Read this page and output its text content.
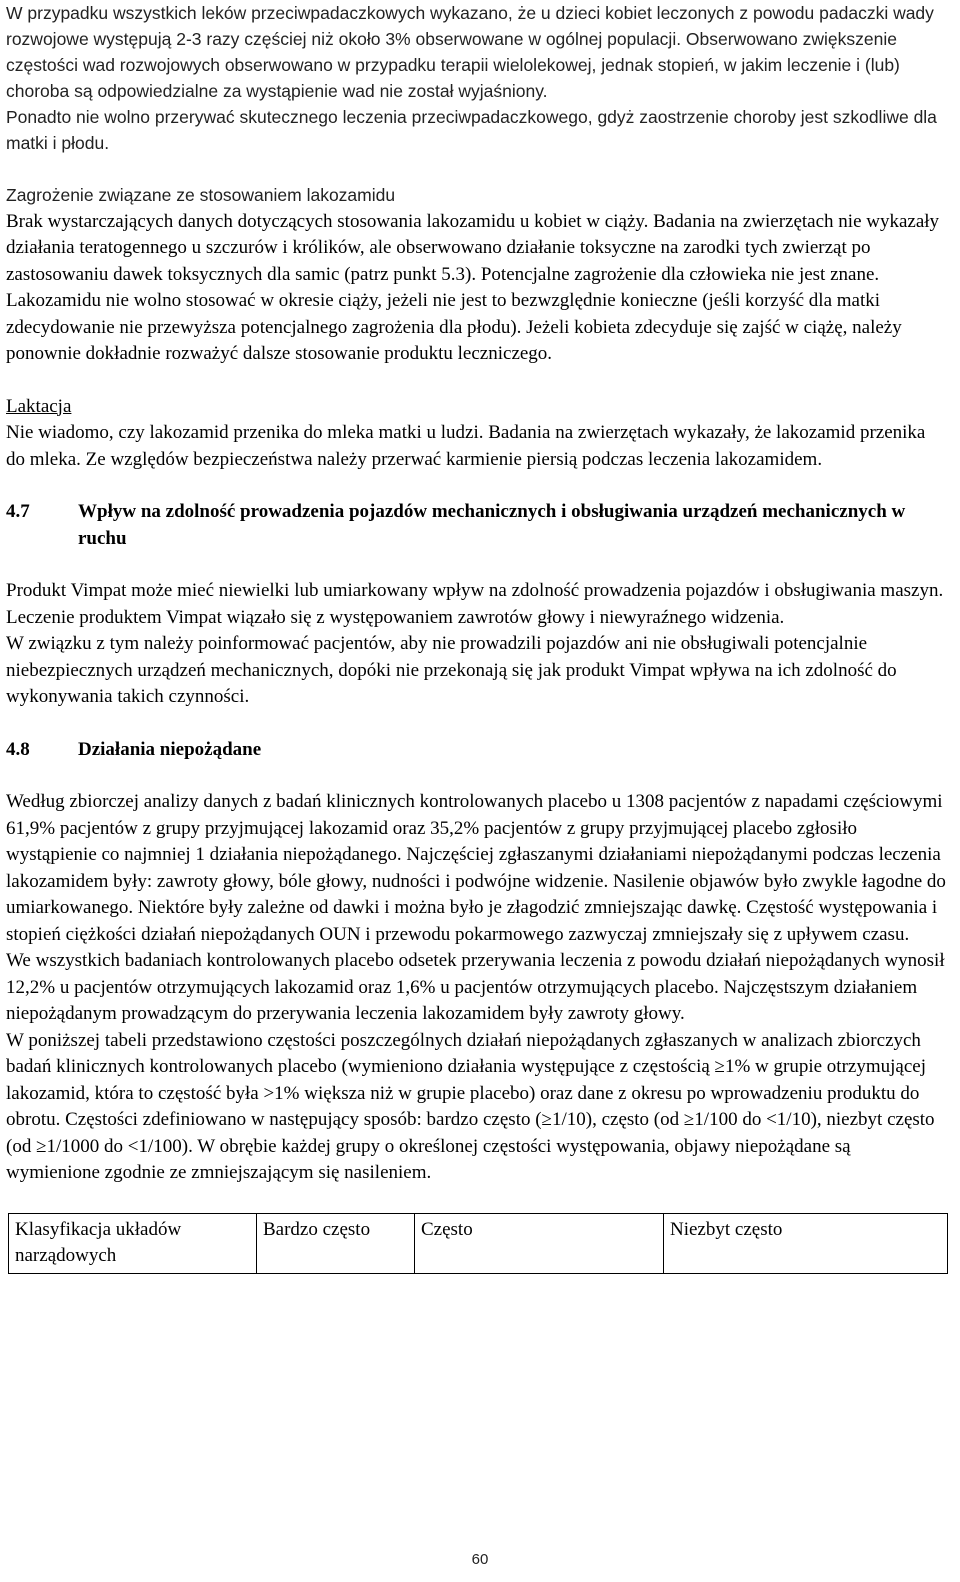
W przypadku wszystkich leków przeciwpadaczkowych wykazano, że u dzieci kobiet leczonych z powodu padaczki wady rozwojowe występują 2-3 razy częściej niż około 3% obserwowane w ogólnej populacji. Obserwowano zwiększenie częstości wad rozwojowych obserwowano w przypadku terapii wielolekowej, jednak stopień, w jakim leczenie i (lub) choroba są odpowiedzialne za wystąpienie wad nie został wyjaśniony.

Ponadto nie wolno przerywać skutecznego leczenia przeciwpadaczkowego, gdyż zaostrzenie choroby jest szkodliwe dla matki i płodu.

Zagrożenie związane ze stosowaniem lakozamidu

Brak wystarczających danych dotyczących stosowania lakozamidu u kobiet w ciąży. Badania na zwierzętach nie wykazały działania teratogennego u szczurów i królików, ale obserwowano działanie toksyczne na zarodki tych zwierząt po zastosowaniu dawek toksycznych dla samic (patrz punkt 5.3). Potencjalne zagrożenie dla człowieka nie jest znane.

Lakozamidu nie wolno stosować w okresie ciąży, jeżeli nie jest to bezwzględnie konieczne (jeśli korzyść dla matki zdecydowanie nie przewyższa potencjalnego zagrożenia dla płodu). Jeżeli kobieta zdecyduje się zajść w ciążę, należy ponownie dokładnie rozważyć dalsze stosowanie produktu leczniczego.

Laktacja

Nie wiadomo, czy lakozamid przenika do mleka matki u ludzi. Badania na zwierzętach wykazały, że lakozamid przenika do mleka. Ze względów bezpieczeństwa należy przerwać karmienie piersią podczas leczenia lakozamidem.

4.7	Wpływ na zdolność prowadzenia pojazdów mechanicznych i obsługiwania urządzeń mechanicznych w ruchu

Produkt Vimpat może mieć niewielki lub umiarkowany wpływ na zdolność prowadzenia pojazdów i obsługiwania maszyn. Leczenie produktem Vimpat wiązało się z występowaniem zawrotów głowy i niewyraźnego widzenia.

W związku z tym należy poinformować pacjentów, aby nie prowadzili pojazdów ani nie obsługiwali potencjalnie niebezpiecznych urządzeń mechanicznych, dopóki nie przekonają się jak produkt Vimpat wpływa na ich zdolność do wykonywania takich czynności.

4.8	Działania niepożądane

Według zbiorczej analizy danych z badań klinicznych kontrolowanych placebo u 1308 pacjentów z napadami częściowymi 61,9% pacjentów z grupy przyjmującej lakozamid oraz 35,2% pacjentów z grupy przyjmującej placebo zgłosiło wystąpienie co najmniej 1 działania niepożądanego. Najczęściej zgłaszanymi działaniami niepożądanymi podczas leczenia lakozamidem były: zawroty głowy, bóle głowy, nudności i podwójne widzenie. Nasilenie objawów było zwykle łagodne do umiarkowanego. Niektóre były zależne od dawki i można było je złagodzić zmniejszając dawkę. Częstość występowania i stopień ciężkości działań niepożądanych OUN i przewodu pokarmowego zazwyczaj zmniejszały się z upływem czasu.

We wszystkich badaniach kontrolowanych placebo odsetek przerywania leczenia z powodu działań niepożądanych wynosił 12,2% u pacjentów otrzymujących lakozamid oraz 1,6% u pacjentów otrzymujących placebo. Najczęstszym działaniem niepożądanym prowadzącym do przerywania leczenia lakozamidem były zawroty głowy.

W poniższej tabeli przedstawiono częstości poszczególnych działań niepożądanych zgłaszanych w analizach zbiorczych badań klinicznych kontrolowanych placebo (wymieniono działania występujące z częstością ≥1% w grupie otrzymującej lakozamid, która to częstość była >1% większa niż w grupie placebo) oraz dane z okresu po wprowadzeniu produktu do obrotu. Częstości zdefiniowano w następujący sposób: bardzo często (≥1/10), często (od ≥1/100 do <1/10), niezbyt często (od ≥1/1000 do <1/100). W obrębie każdej grupy o określonej częstości występowania, objawy niepożądane są wymienione zgodnie ze zmniejszającym się nasileniem.

Klasyfikacja układów narządowych	Bardzo często	Często	Niezbyt często
60
